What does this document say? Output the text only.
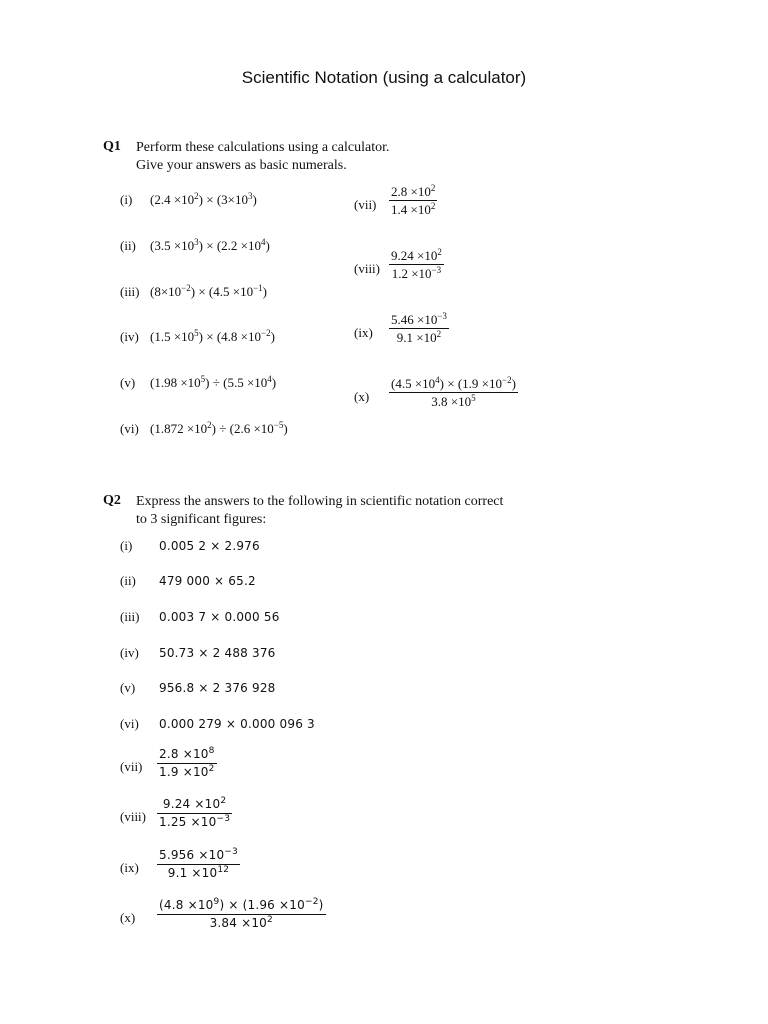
Scientific Notation (using a calculator)
Q1 Perform these calculations using a calculator.
Give your answers as basic numerals.
(i) $(2.4 \times 10^2) \times (3\times 10^3)$
(ii) $(3.5 \times 10^3) \times (2.2 \times 10^4)$
(iii) $(8\times 10^{-2}) \times (4.5 \times 10^{-1})$
(iv) $(1.5 \times 10^5) \times (4.8 \times 10^{-2})$
(v) $(1.98 \times 10^5) \div (5.5 \times 10^4)$
(vi) $(1.872 \times 10^2) \div (2.6 \times 10^{-5})$
$(vii) \frac{2.8 \times 10^2}{1.4 \times 10^2}$
(viii) $\frac{9.24 \times 10^2}{1.2 \times 10^{-3}}$
$(ix) \frac{5.46 \times 10^{-3}}{9.1 \times 10^2}$
$(x) \frac{(4.5 \times 10^4) \times (1.9 \times 10^{-2})}{3.8 \times 10^5}$
Q2 Express the answers to the following in scientific notation correct
to 3 significant figures:
(i) 0.005 2 × 2.976
(ii) 479 000 × 65.2
(iii) 0.003 7 × 0.000 56
(iv) 50.73 × 2 488 376
(v) 956.8 × 2 376 928
(vi) 0.000 279 × 0.000 096 3
$(vii) \frac{2.8 \times 10^8}{1.9 \times 10^2}$
(viii) $\frac{9.24 \times 10^2}{1.25 \times 10^{-3}}$
$(ix) \frac{5.956 \times 10^{-3}}{9.1 \times 10^{12}}$
$(x) \frac{(4.8 \times 10^9) \times (1.96 \times 10^{-2})}{3.84 \times 10^2}$
